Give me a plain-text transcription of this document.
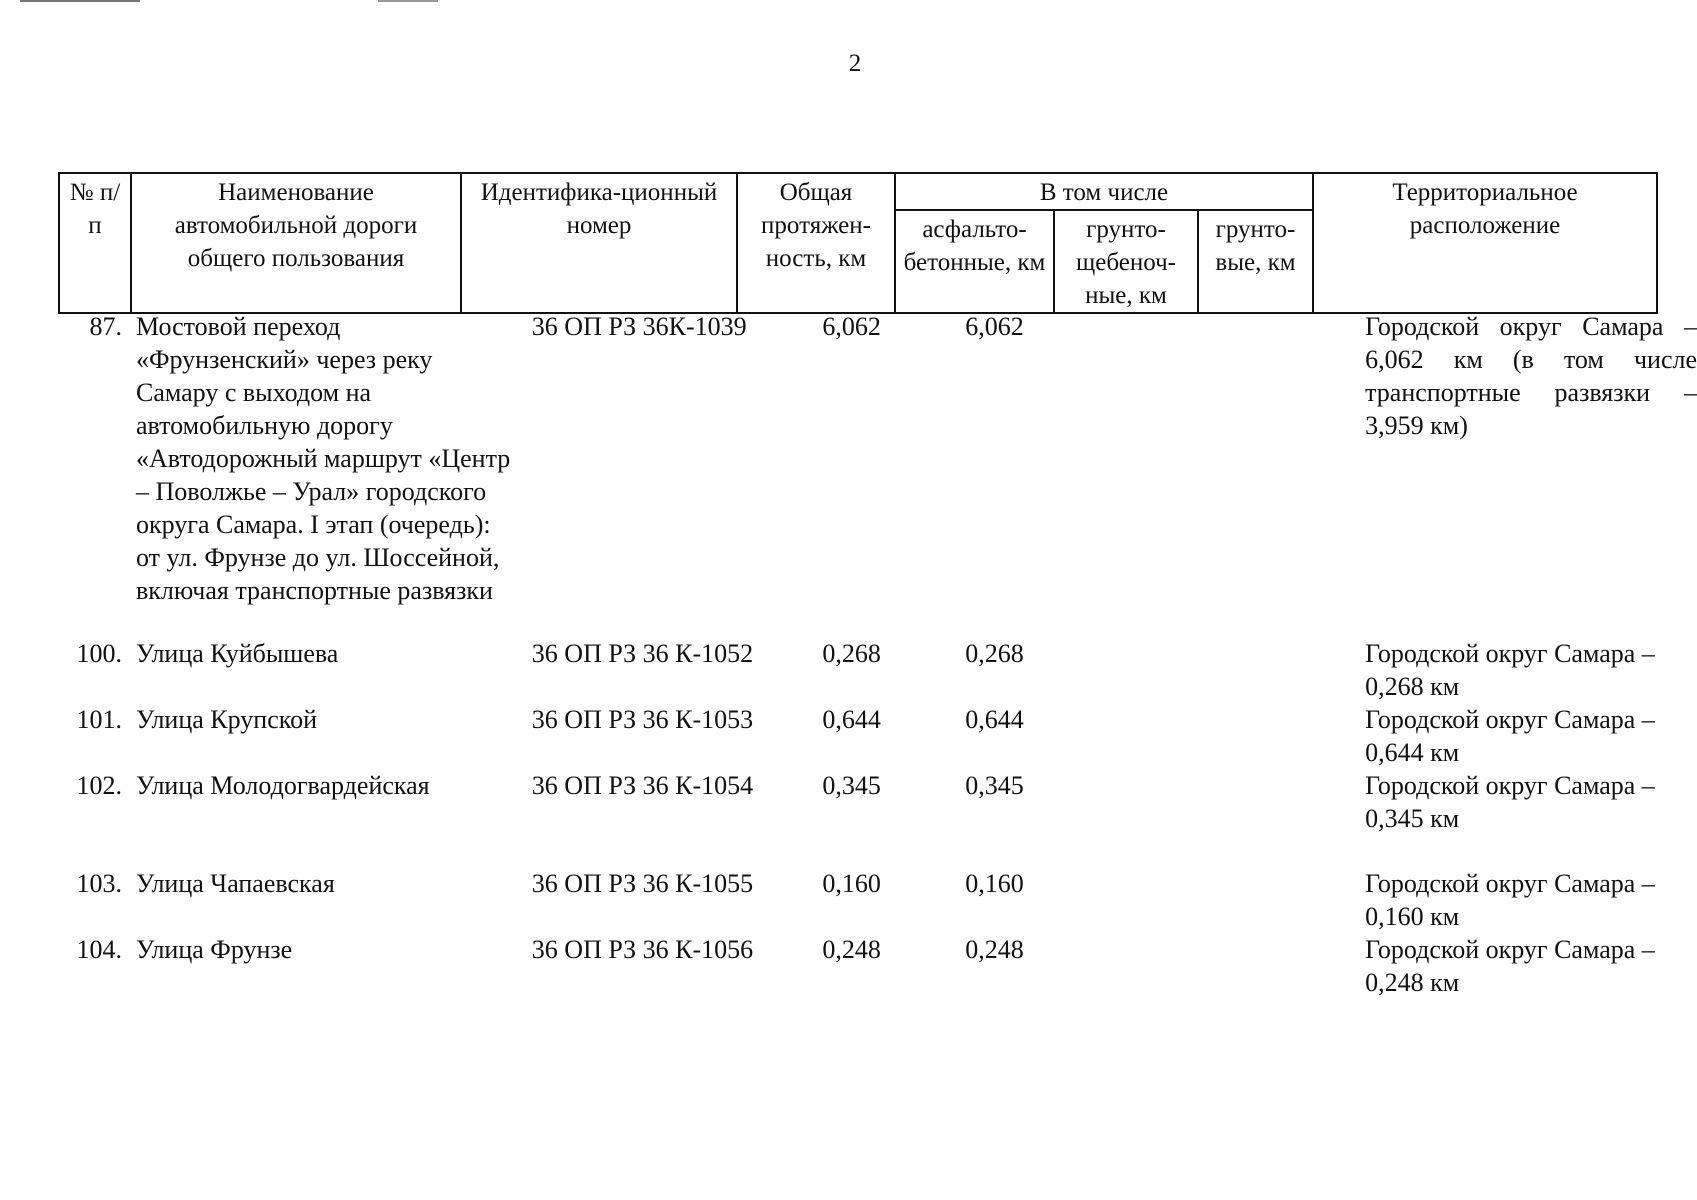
2
№ п/п	Наименование автомобильной дороги общего пользования	Идентифика-ционный номер	Общая протяжен-ность, км	В том числе			Территориальное расположение
				асфальто-бетонные, км	грунто-щебеноч-ные, км	грунто-вые, км	
87.	Мостовой переход «Фрунзенский» через реку Самару с выходом на автомобильную дорогу «Автодорожный маршрут «Центр – Поволжье – Урал» городского округа Самара. I этап (очередь): от ул. Фрунзе до ул. Шоссейной, включая транспортные развязки	36 ОП РЗ 36К-1039	6,062	6,062			Городской округ Самара – 6,062 км (в том числе транспортные развязки – 3,959 км)
100.	Улица Куйбышева	36 ОП РЗ 36 К-1052	0,268	0,268			Городской округ Самара – 0,268 км
101.	Улица Крупской	36 ОП РЗ 36 К-1053	0,644	0,644			Городской округ Самара – 0,644 км
102.	Улица Молодогвардейская	36 ОП РЗ 36 К-1054	0,345	0,345			Городской округ Самара – 0,345 км
103.	Улица Чапаевская	36 ОП РЗ 36 К-1055	0,160	0,160			Городской округ Самара – 0,160 км
104.	Улица Фрунзе	36 ОП РЗ 36 К-1056	0,248	0,248			Городской округ Самара – 0,248 км
